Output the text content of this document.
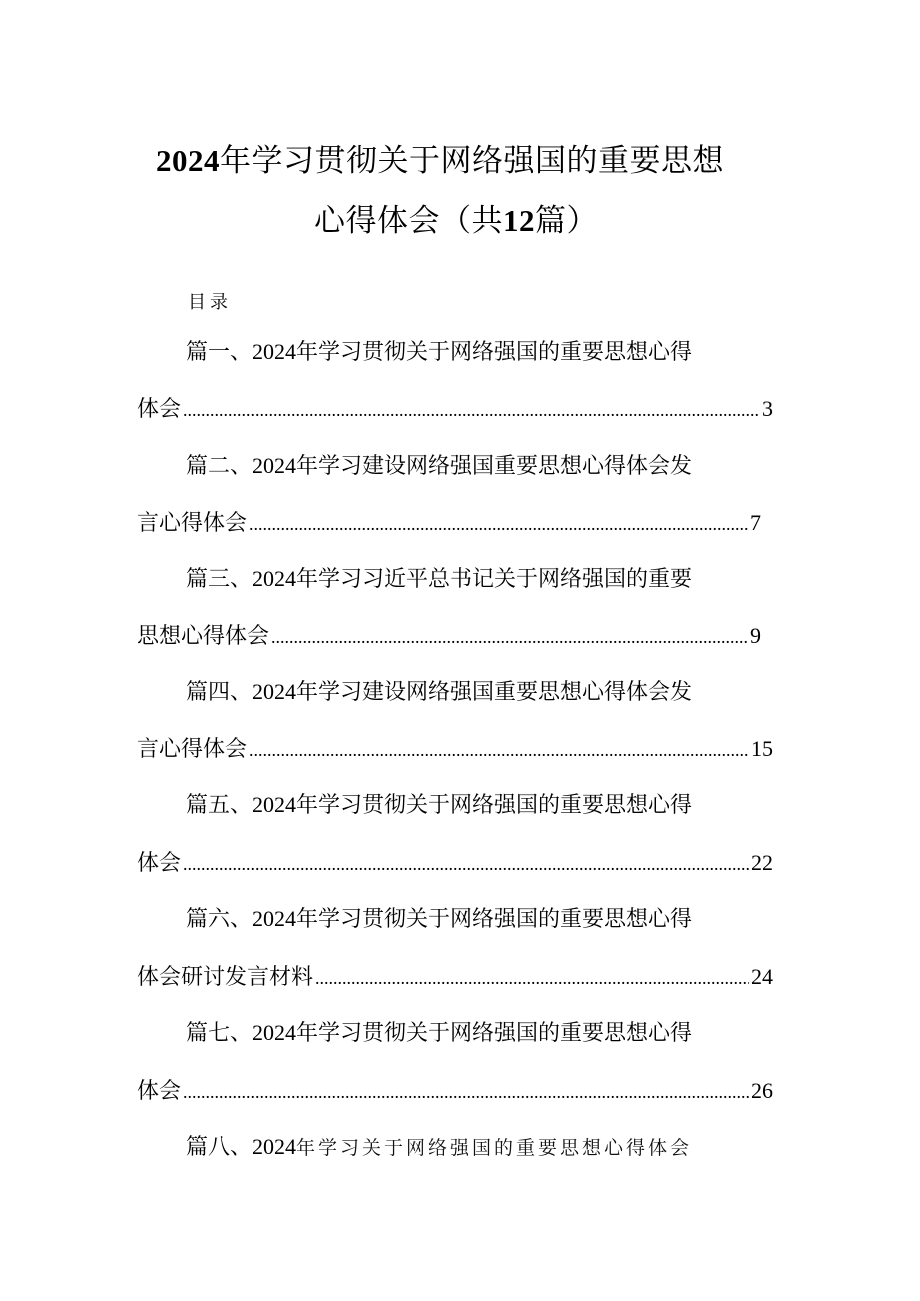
2024年学习贯彻关于网络强国的重要思想
心得体会（共12篇）
目录
篇一、2024年学习贯彻关于网络强国的重要思想心得
体会 .....	3
篇二、2024年学习建设网络强国重要思想心得体会发
言心得体会 .....	7
篇三、2024年学习习近平总书记关于网络强国的重要
思想心得体会 .....	9
篇四、2024年学习建设网络强国重要思想心得体会发
言心得体会 .....	15
篇五、2024年学习贯彻关于网络强国的重要思想心得
体会 .....	22
篇六、2024年学习贯彻关于网络强国的重要思想心得
体会研讨发言材料 .....	24
篇七、2024年学习贯彻关于网络强国的重要思想心得
体会 .....	26
篇八、2024年学习关于网络强国的重要思想心得体会
